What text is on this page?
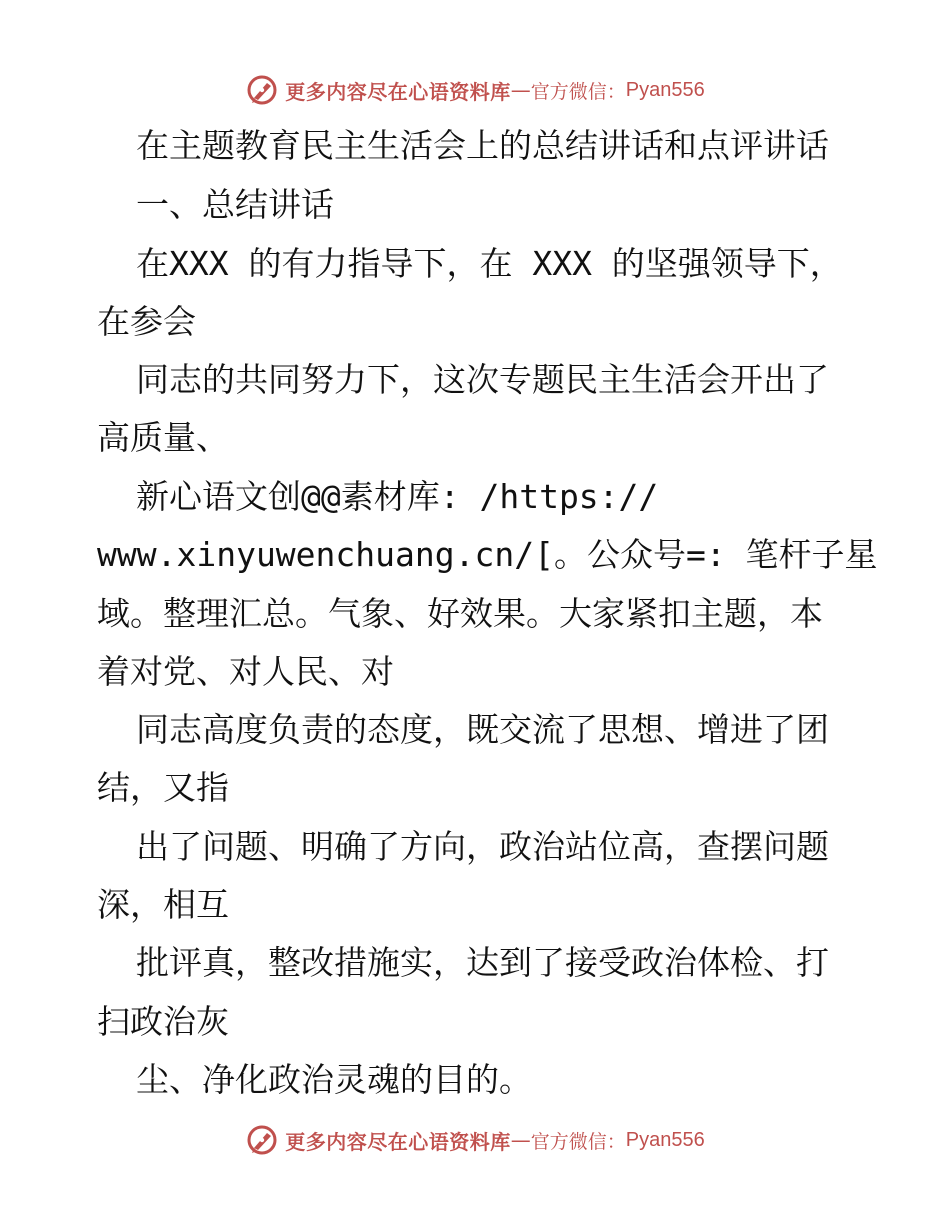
更多内容尽在心语资料库 — 官方微信： Pyan556
在主题教育民主生活会上的总结讲话和点评讲话
一、总结讲话
在XXX 的有力指导下，在 XXX 的坚强领导下，
在参会
同志的共同努力下，这次专题民主生活会开出了
高质量、
新心语文创@@素材库: /https://
www.xinyuwenchuang.cn/[。公众号=: 笔杆子星
域。整理汇总。气象、好效果。大家紧扣主题，本
着对党、对人民、对
同志高度负责的态度，既交流了思想、增进了团
结，又指
出了问题、明确了方向，政治站位高，查摆问题
深，相互
批评真，整改措施实，达到了接受政治体检、打
扫政治灰
尘、净化政治灵魂的目的。
更多内容尽在心语资料库 — 官方微信： Pyan556
